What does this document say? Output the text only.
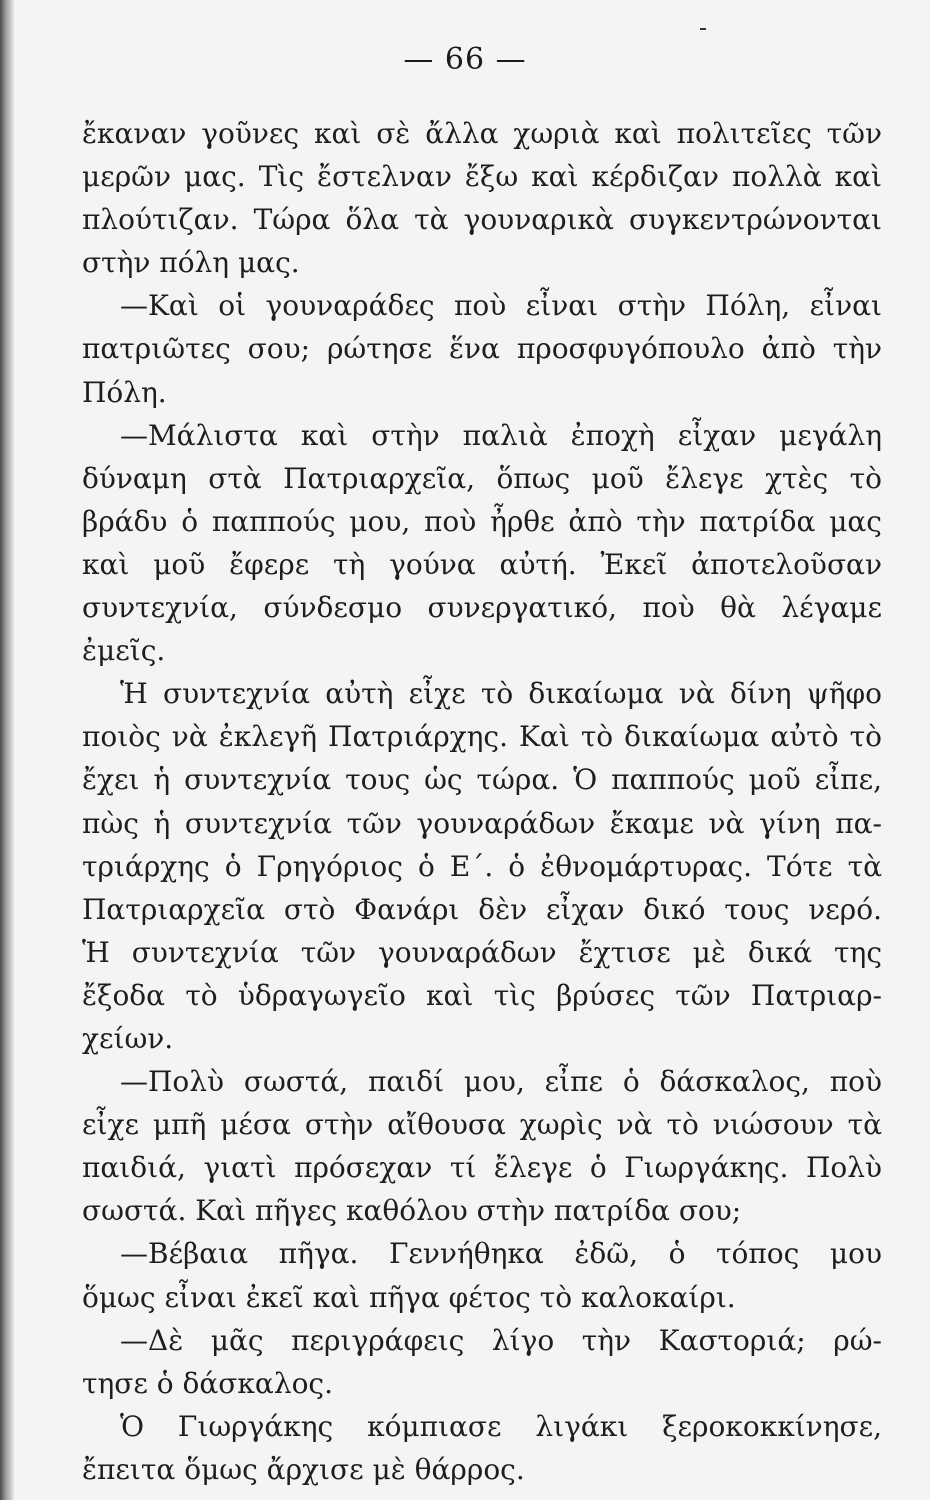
— 66 —
ἔκαναν γοῦνες καὶ σὲ ἄλλα χωριὰ καὶ πολιτεῖες τῶν
μερῶν μας. Τὶς ἔστελναν ἔξω καὶ κέρδιζαν πολλὰ καὶ
πλούτιζαν. Τώρα ὅλα τὰ γουναρικὰ συγκεντρώνονται
στὴν πόλη μας.
—Καὶ οἱ γουναράδες ποὺ εἶναι στὴν Πόλη, εἶναι
πατριῶτες σου; ρώτησε ἕνα προσφυγόπουλο ἀπὸ τὴν
Πόλη.
—Μάλιστα καὶ στὴν παλιὰ ἐποχὴ εἶχαν μεγάλη
δύναμη στὰ Πατριαρχεῖα, ὅπως μοῦ ἔλεγε χτὲς τὸ
βράδυ ὁ παππούς μου, ποὺ ἦρθε ἀπὸ τὴν πατρίδα μας
καὶ μοῦ ἔφερε τὴ γούνα αὐτή. Ἐκεῖ ἀποτελοῦσαν
συντεχνία, σύνδεσμο συνεργατικό, ποὺ θὰ λέγαμε
ἐμεῖς.
Ἡ συντεχνία αὐτὴ εἶχε τὸ δικαίωμα νὰ δίνη ψῆφο
ποιὸς νὰ ἐκλεγῆ Πατριάρχης. Καὶ τὸ δικαίωμα αὐτὸ τὸ
ἔχει ἡ συντεχνία τους ὡς τώρα. Ὁ παππούς μοῦ εἶπε,
πὼς ἡ συντεχνία τῶν γουναράδων ἔκαμε νὰ γίνη πα-
τριάρχης ὁ Γρηγόριος ὁ Ε΄. ὁ ἐθνομάρτυρας. Τότε τὰ
Πατριαρχεῖα στὸ Φανάρι δὲν εἶχαν δικό τους νερό.
Ἡ συντεχνία τῶν γουναράδων ἔχτισε μὲ δικά της
ἔξοδα τὸ ὑδραγωγεῖο καὶ τὶς βρύσες τῶν Πατριαρ-
χείων.
—Πολὺ σωστά, παιδί μου, εἶπε ὁ δάσκαλος, ποὺ
εἶχε μπῆ μέσα στὴν αἴθουσα χωρὶς νὰ τὸ νιώσουν τὰ
παιδιά, γιατὶ πρόσεχαν τί ἔλεγε ὁ Γιωργάκης. Πολὺ
σωστά. Καὶ πῆγες καθόλου στὴν πατρίδα σου;
—Βέβαια πῆγα. Γεννήθηκα ἐδῶ, ὁ τόπος μου
ὅμως εἶναι ἐκεῖ καὶ πῆγα φέτος τὸ καλοκαίρι.
—Δὲ μᾶς περιγράφεις λίγο τὴν Καστοριά; ρώ-
τησε ὁ δάσκαλος.
Ὁ Γιωργάκης κόμπιασε λιγάκι ξεροκοκκίνησε,
ἔπειτα ὅμως ἄρχισε μὲ θάρρος.
